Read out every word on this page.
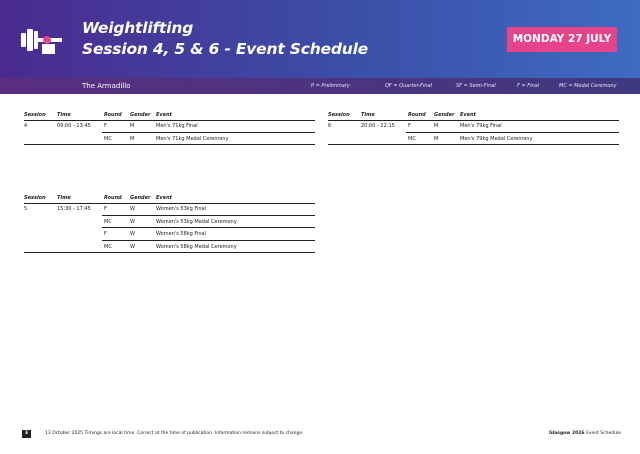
Weightlifting
Session 4, 5 & 6 - Event Schedule
MONDAY 27 JULY
The Armadillo	P = Preliminary	QF = Quarter-Final	SF = Semi-Final	F = Final	MC = Medal Ceremony
Session Time	Round Gender Event
4	09:00 - 13:45	F	M	Men's 71kg Final
MC	M	Men's 71kg Medal Ceremony
Session Time	Round Gender Event
6	20:00 - 22:15	F	M	Men's 79kg Final
MC	M	Men's 79kg Medal Ceremony
Session Time	Round Gender Event
5	15:30 - 17:45	F	W	Women's 53kg Final
MC	W	Women's 53kg Medal Ceremony
F	W	Women's 58kg Final
MC	W	Women's 58kg Medal Ceremony
3	13 October 2025 Timings are local time. Correct at the time of publication. Information remains subject to change.	Glasgow 2026 Event Schedule
